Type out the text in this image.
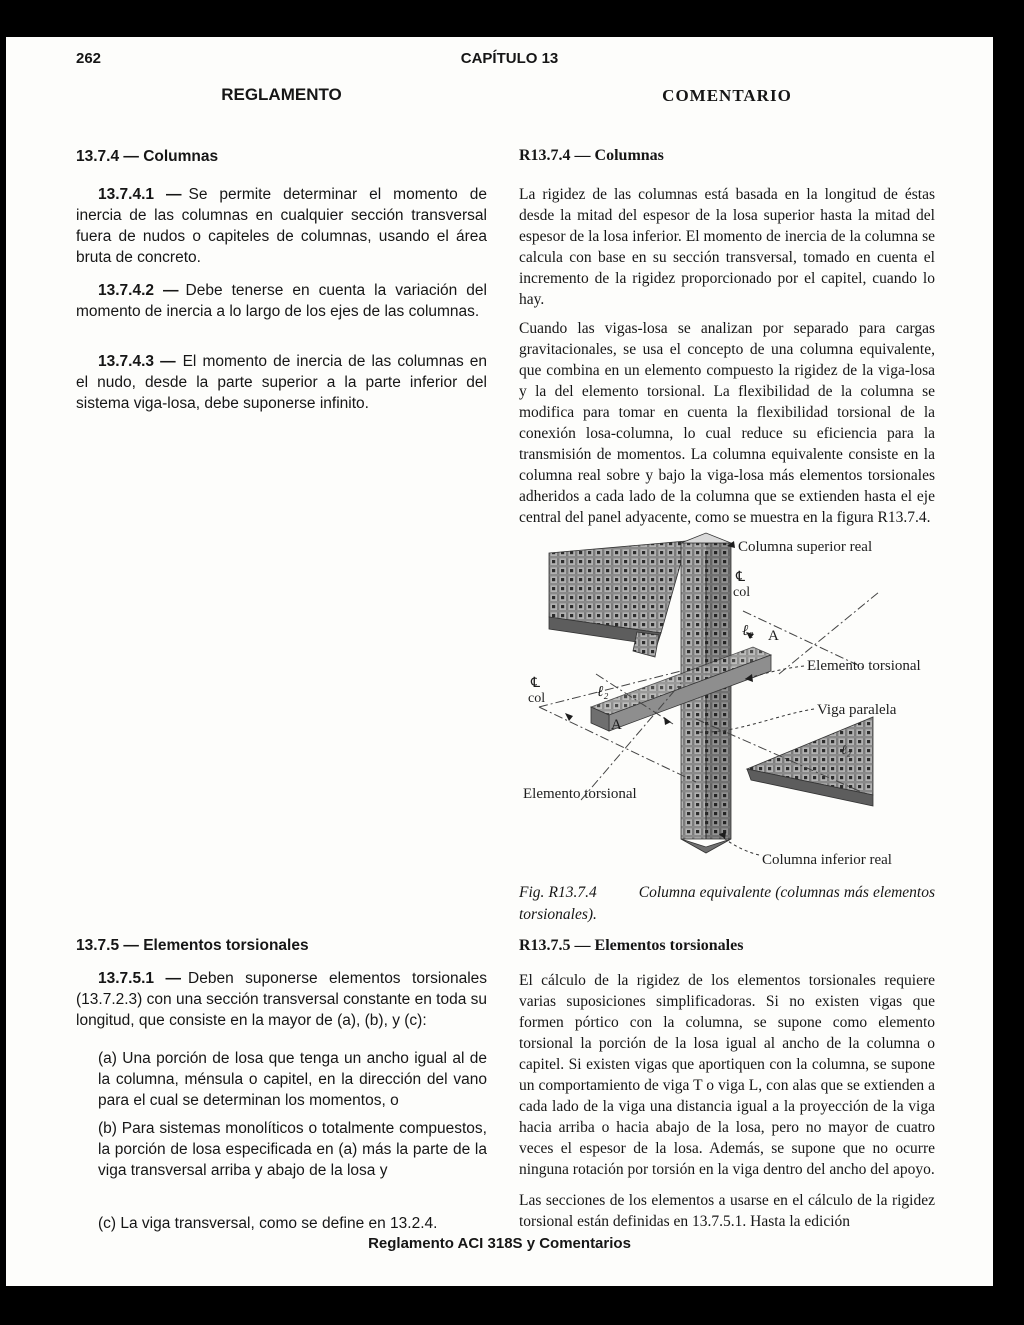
262	CAPÍTULO 13
REGLAMENTO	COMENTARIO
13.7.4 — Columnas

13.7.4.1 — Se permite determinar el momento de inercia de las columnas en cualquier sección transversal fuera de nudos o capiteles de columnas, usando el área bruta de concreto.

13.7.4.2 — Debe tenerse en cuenta la variación del momento de inercia a lo largo de los ejes de las columnas.

13.7.4.3 — El momento de inercia de las columnas en el nudo, desde la parte superior a la parte inferior del sistema viga-losa, debe suponerse infinito.

13.7.5 — Elementos torsionales

13.7.5.1 — Deben suponerse elementos torsionales (13.7.2.3) con una sección transversal constante en toda su longitud, que consiste en la mayor de (a), (b), y (c):

(a) Una porción de losa que tenga un ancho igual al de la columna, ménsula o capitel, en la dirección del vano para el cual se determinan los momentos, o

(b) Para sistemas monolíticos o totalmente compuestos, la porción de losa especificada en (a) más la parte de la viga transversal arriba y abajo de la losa y

(c) La viga transversal, como se define en 13.2.4.

R13.7.4 — Columnas

La rigidez de las columnas está basada en la longitud de éstas desde la mitad del espesor de la losa superior hasta la mitad del espesor de la losa inferior. El momento de inercia de la columna se calcula con base en su sección transversal, tomado en cuenta el incremento de la rigidez proporcionado por el capitel, cuando lo hay.

Cuando las vigas-losa se analizan por separado para cargas gravitacionales, se usa el concepto de una columna equivalente, que combina en un elemento compuesto la rigidez de la viga-losa y la del elemento torsional. La flexibilidad de la columna se modifica para tomar en cuenta la flexibilidad torsional de la conexión losa-columna, lo cual reduce su eficiencia para la transmisión de momentos. La columna equivalente consiste en la columna real sobre y bajo la viga-losa más elementos torsionales adheridos a cada lado de la columna que se extienden hasta el eje central del panel adyacente, como se muestra en la figura R13.7.4.

Columna superior real
℄
col
ℓ₂ A
Elemento torsional
Viga paralela
ℓ₂
℄
col	ℓ₂
A
Elemento torsional
Columna inferior real

Fig. R13.7.4	Columna equivalente (columnas más elementos torsionales).

R13.7.5 — Elementos torsionales

El cálculo de la rigidez de los elementos torsionales requiere varias suposiciones simplificadoras. Si no existen vigas que formen pórtico con la columna, se supone como elemento torsional la porción de la losa igual al ancho de la columna o capitel. Si existen vigas que aportiquen con la columna, se supone un comportamiento de viga T o viga L, con alas que se extienden a cada lado de la viga una distancia igual a la proyección de la viga hacia arriba o hacia abajo de la losa, pero no mayor de cuatro veces el espesor de la losa. Además, se supone que no ocurre ninguna rotación por torsión en la viga dentro del ancho del apoyo.

Las secciones de los elementos a usarse en el cálculo de la rigidez torsional están definidas en 13.7.5.1. Hasta la edición

Reglamento ACI 318S y Comentarios
